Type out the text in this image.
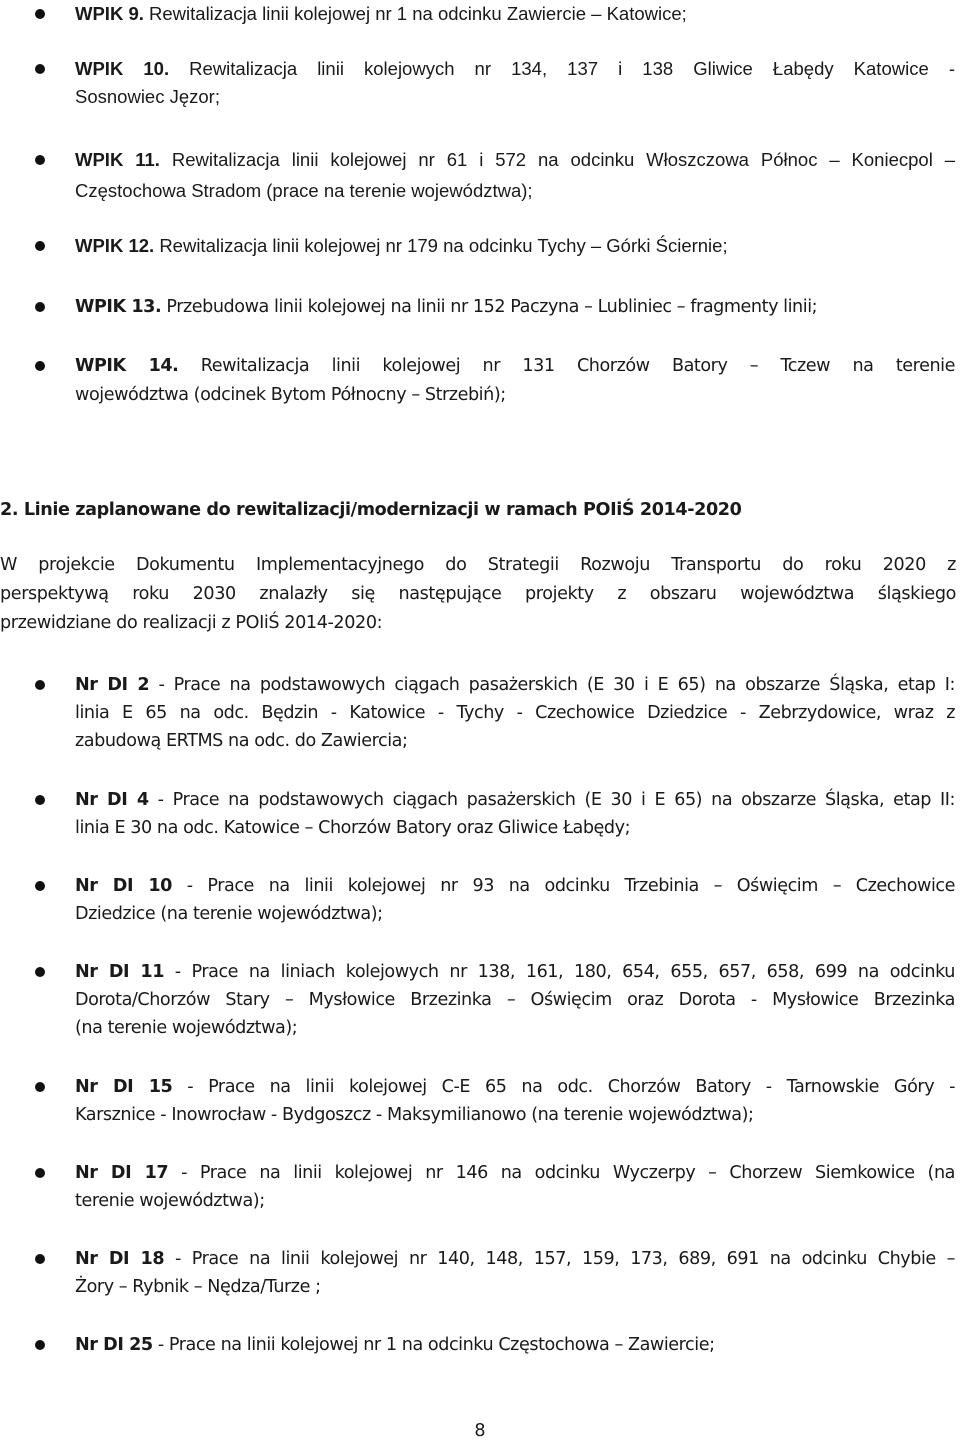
WPIK 9. Rewitalizacja linii kolejowej nr 1 na odcinku Zawiercie – Katowice;
WPIK 10. Rewitalizacja linii kolejowych nr 134, 137 i 138 Gliwice Łabędy Katowice -
Sosnowiec Jęzor;
WPIK 11. Rewitalizacja linii kolejowej nr 61 i 572 na odcinku Włoszczowa Północ – Koniecpol –
Częstochowa Stradom (prace na terenie województwa);
WPIK 12. Rewitalizacja linii kolejowej nr 179 na odcinku Tychy – Górki Ściernie;
WPIK 13. Przebudowa linii kolejowej na linii nr 152 Paczyna – Lubliniec – fragmenty linii;
WPIK 14. Rewitalizacja linii kolejowej nr 131 Chorzów Batory – Tczew na terenie
województwa (odcinek Bytom Północny – Strzebiń);
2. Linie zaplanowane do rewitalizacji/modernizacji w ramach POIiŚ 2014-2020
W projekcie Dokumentu Implementacyjnego do Strategii Rozwoju Transportu do roku 2020 z
perspektywą roku 2030 znalazły się następujące projekty z obszaru województwa śląskiego
przewidziane do realizacji z POIiŚ 2014-2020:
Nr DI 2 - Prace na podstawowych ciągach pasażerskich (E 30 i E 65) na obszarze Śląska, etap I:
linia E 65 na odc. Będzin - Katowice - Tychy - Czechowice Dziedzice - Zebrzydowice, wraz z
zabudową ERTMS na odc. do Zawiercia;
Nr DI 4 - Prace na podstawowych ciągach pasażerskich (E 30 i E 65) na obszarze Śląska, etap II:
linia E 30 na odc. Katowice – Chorzów Batory oraz Gliwice Łabędy;
Nr DI 10 - Prace na linii kolejowej nr 93 na odcinku Trzebinia – Oświęcim – Czechowice
Dziedzice (na terenie województwa);
Nr DI 11 - Prace na liniach kolejowych nr 138, 161, 180, 654, 655, 657, 658, 699 na odcinku
Dorota/Chorzów Stary – Mysłowice Brzezinka – Oświęcim oraz Dorota - Mysłowice Brzezinka
(na terenie województwa);
Nr DI 15 - Prace na linii kolejowej C-E 65 na odc. Chorzów Batory - Tarnowskie Góry -
Karsznice - Inowrocław - Bydgoszcz - Maksymilianowo (na terenie województwa);
Nr DI 17 - Prace na linii kolejowej nr 146 na odcinku Wyczerpy – Chorzew Siemkowice (na
terenie województwa);
Nr DI 18 - Prace na linii kolejowej nr 140, 148, 157, 159, 173, 689, 691 na odcinku Chybie –
Żory – Rybnik – Nędza/Turze ;
Nr DI 25 - Prace na linii kolejowej nr 1 na odcinku Częstochowa – Zawiercie;
8
